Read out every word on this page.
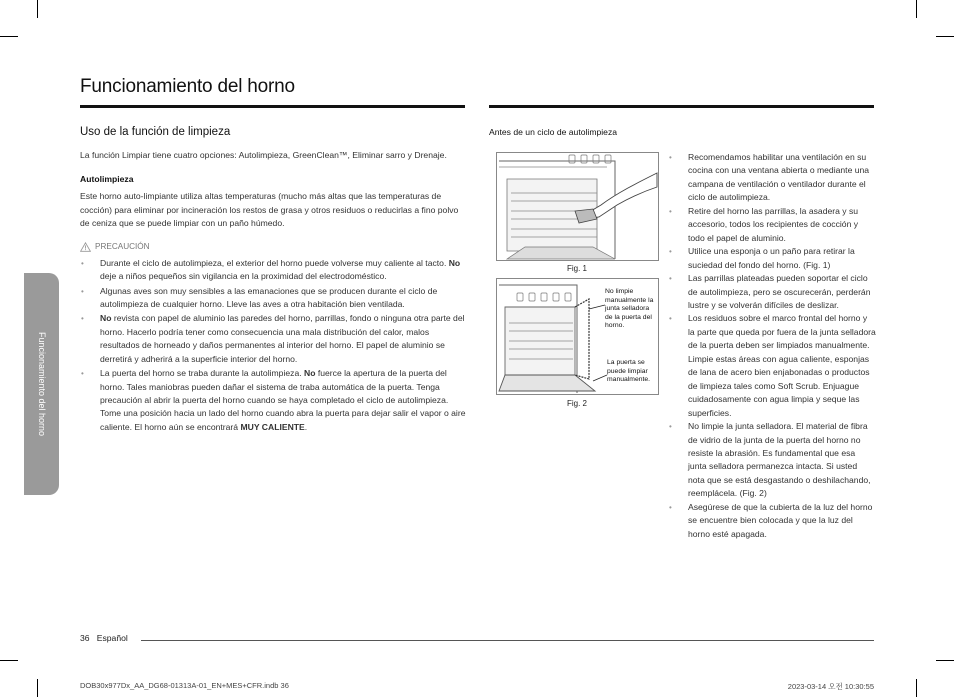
Funcionamiento del horno
Funcionamiento del horno
Uso de la función de limpieza

La función Limpiar tiene cuatro opciones: Autolimpieza, GreenClean™, Eliminar sarro y Drenaje.

Autolimpieza

Este horno auto-limpiante utiliza altas temperaturas (mucho más altas que las temperaturas de cocción) para eliminar por incineración los restos de grasa y otros residuos o reducirlas a fino polvo de ceniza que se puede limpiar con un paño húmedo.

PRECAUCIÓN
• Durante el ciclo de autolimpieza, el exterior del horno puede volverse muy caliente al tacto. No deje a niños pequeños sin vigilancia en la proximidad del electrodoméstico.
• Algunas aves son muy sensibles a las emanaciones que se producen durante el ciclo de autolimpieza de cualquier horno. Lleve las aves a otra habitación bien ventilada.
• No revista con papel de aluminio las paredes del horno, parrillas, fondo o ninguna otra parte del horno. Hacerlo podría tener como consecuencia una mala distribución del calor, malos resultados de horneado y daños permanentes al interior del horno. El papel de aluminio se derretirá y adherirá a la superficie interior del horno.
• La puerta del horno se traba durante la autolimpieza. No fuerce la apertura de la puerta del horno. Tales maniobras pueden dañar el sistema de traba automática de la puerta. Tenga precaución al abrir la puerta del horno cuando se haya completado el ciclo de autolimpieza. Tome una posición hacia un lado del horno cuando abra la puerta para dejar salir el vapor o aire caliente. El horno aún se encontrará MUY CALIENTE.
Antes de un ciclo de autolimpieza
Fig. 1
No limpie manualmente la junta selladora de la puerta del horno.
La puerta se puede limpiar manualmente.
Fig. 2
• Recomendamos habilitar una ventilación en su cocina con una ventana abierta o mediante una campana de ventilación o ventilador durante el ciclo de autolimpieza.
• Retire del horno las parrillas, la asadera y su accesorio, todos los recipientes de cocción y todo el papel de aluminio.
• Utilice una esponja o un paño para retirar la suciedad del fondo del horno. (Fig. 1)
• Las parrillas plateadas pueden soportar el ciclo de autolimpieza, pero se oscurecerán, perderán lustre y se volverán difíciles de deslizar.
• Los residuos sobre el marco frontal del horno y la parte que queda por fuera de la junta selladora de la puerta deben ser limpiados manualmente. Limpie estas áreas con agua caliente, esponjas de lana de acero bien enjabonadas o productos de limpieza tales como Soft Scrub. Enjuague cuidadosamente con agua limpia y seque las superficies.
• No limpie la junta selladora. El material de fibra de vidrio de la junta de la puerta del horno no resiste la abrasión. Es fundamental que esa junta selladora permanezca intacta. Si usted nota que se está desgastando o deshilachando, reemplácela. (Fig. 2)
• Asegúrese de que la cubierta de la luz del horno se encuentre bien colocada y que la luz del horno esté apagada.
36 Español
DOB30x977Dx_AA_DG68-01313A-01_EN+MES+CFR.indb 36	2023-03-14 오전 10:30:55
